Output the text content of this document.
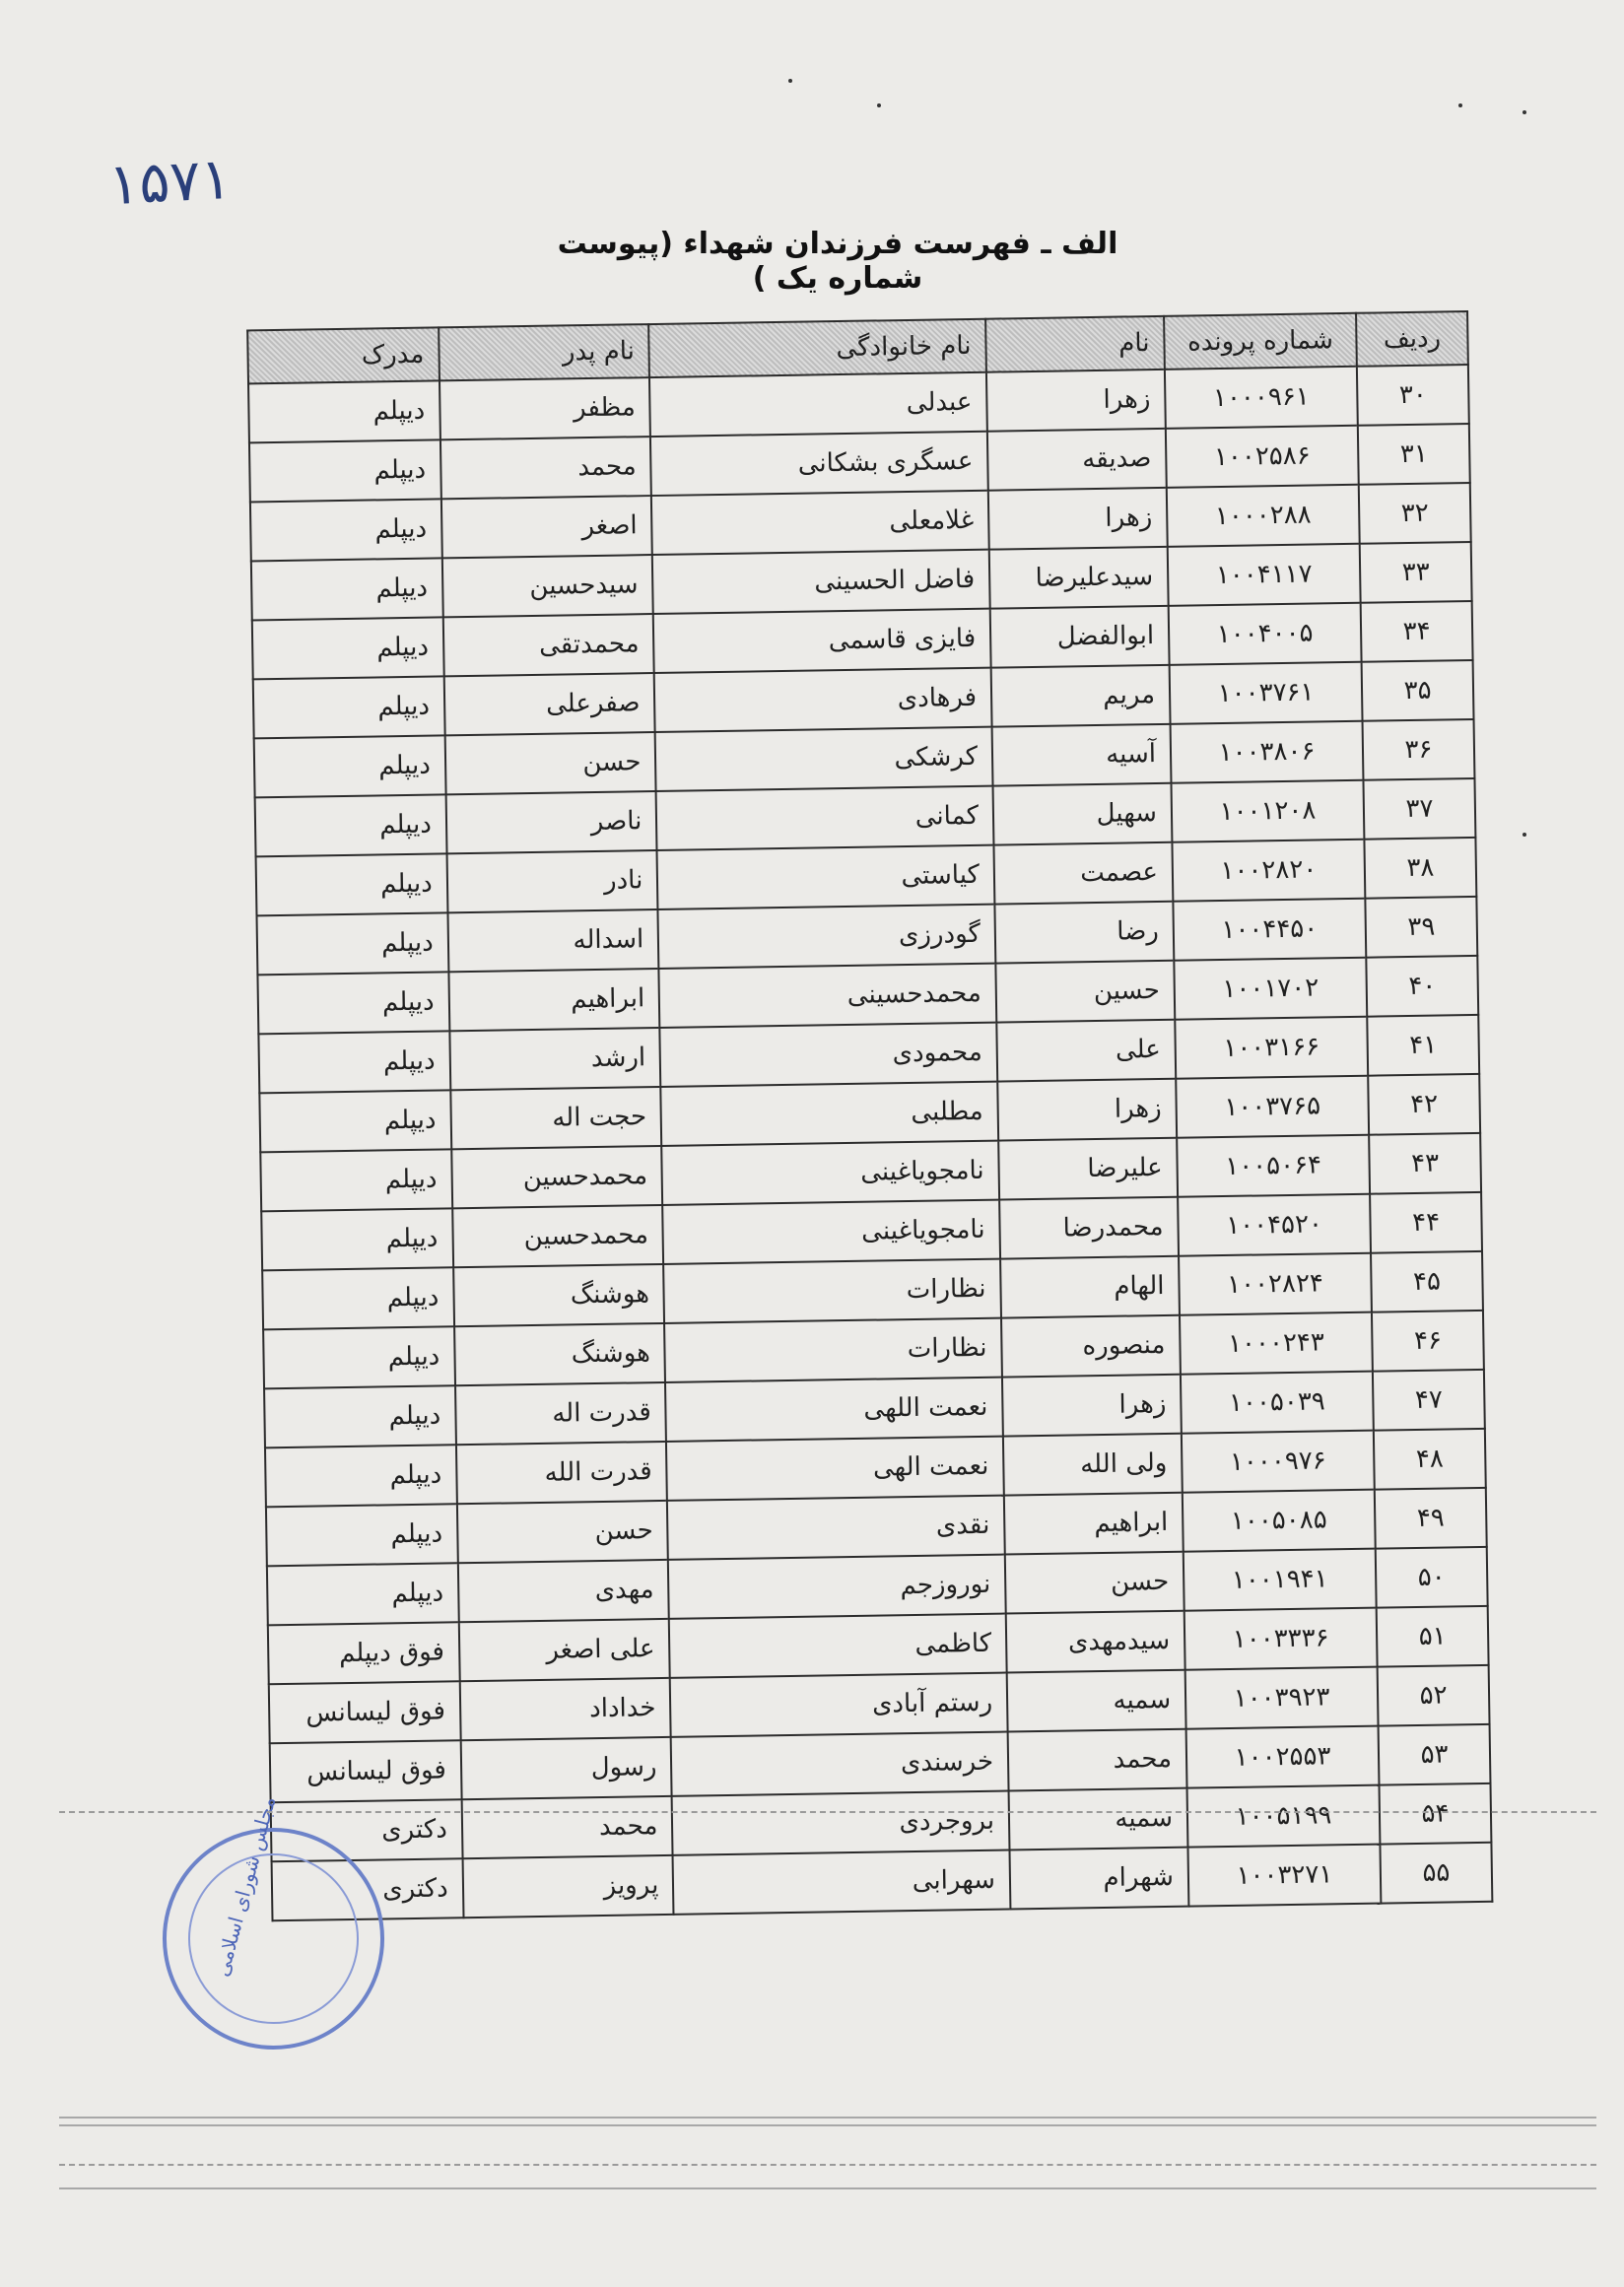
۱۵۷۱
الف ـ فهرست فرزندان شهداء (پیوست شماره یک )
ردیف	شماره پرونده	نام	نام خانوادگی	نام پدر	مدرک
۳۰	۱۰۰۰۹۶۱	زهرا	عبدلی	مظفر	دیپلم
۳۱	۱۰۰۲۵۸۶	صدیقه	عسگری بشکانی	محمد	دیپلم
۳۲	۱۰۰۰۲۸۸	زهرا	غلامعلی	اصغر	دیپلم
۳۳	۱۰۰۴۱۱۷	سیدعلیرضا	فاضل الحسینی	سیدحسین	دیپلم
۳۴	۱۰۰۴۰۰۵	ابوالفضل	فایزی قاسمی	محمدتقی	دیپلم
۳۵	۱۰۰۳۷۶۱	مریم	فرهادی	صفرعلی	دیپلم
۳۶	۱۰۰۳۸۰۶	آسیه	کرشکی	حسن	دیپلم
۳۷	۱۰۰۱۲۰۸	سهیل	کمانی	ناصر	دیپلم
۳۸	۱۰۰۲۸۲۰	عصمت	کیاستی	نادر	دیپلم
۳۹	۱۰۰۴۴۵۰	رضا	گودرزی	اسداله	دیپلم
۴۰	۱۰۰۱۷۰۲	حسین	محمدحسینی	ابراهیم	دیپلم
۴۱	۱۰۰۳۱۶۶	علی	محمودی	ارشد	دیپلم
۴۲	۱۰۰۳۷۶۵	زهرا	مطلبی	حجت اله	دیپلم
۴۳	۱۰۰۵۰۶۴	علیرضا	نامجویاغینی	محمدحسین	دیپلم
۴۴	۱۰۰۴۵۲۰	محمدرضا	نامجویاغینی	محمدحسین	دیپلم
۴۵	۱۰۰۲۸۲۴	الهام	نظارات	هوشنگ	دیپلم
۴۶	۱۰۰۰۲۴۳	منصوره	نظارات	هوشنگ	دیپلم
۴۷	۱۰۰۵۰۳۹	زهرا	نعمت اللهی	قدرت اله	دیپلم
۴۸	۱۰۰۰۹۷۶	ولی الله	نعمت الهی	قدرت الله	دیپلم
۴۹	۱۰۰۵۰۸۵	ابراهیم	نقدی	حسن	دیپلم
۵۰	۱۰۰۱۹۴۱	حسن	نوروزجم	مهدی	دیپلم
۵۱	۱۰۰۳۳۳۶	سیدمهدی	کاظمی	علی اصغر	فوق دیپلم
۵۲	۱۰۰۳۹۲۳	سمیه	رستم آبادی	خداداد	فوق لیسانس
۵۳	۱۰۰۲۵۵۳	محمد	خرسندی	رسول	فوق لیسانس
۵۴	۱۰۰۵۱۹۹	سمیه	بروجردی	محمد	دکتری
۵۵	۱۰۰۳۲۷۱	شهرام	سهرابی	پرویز	دکتری
مجلس شورای اسلامی
